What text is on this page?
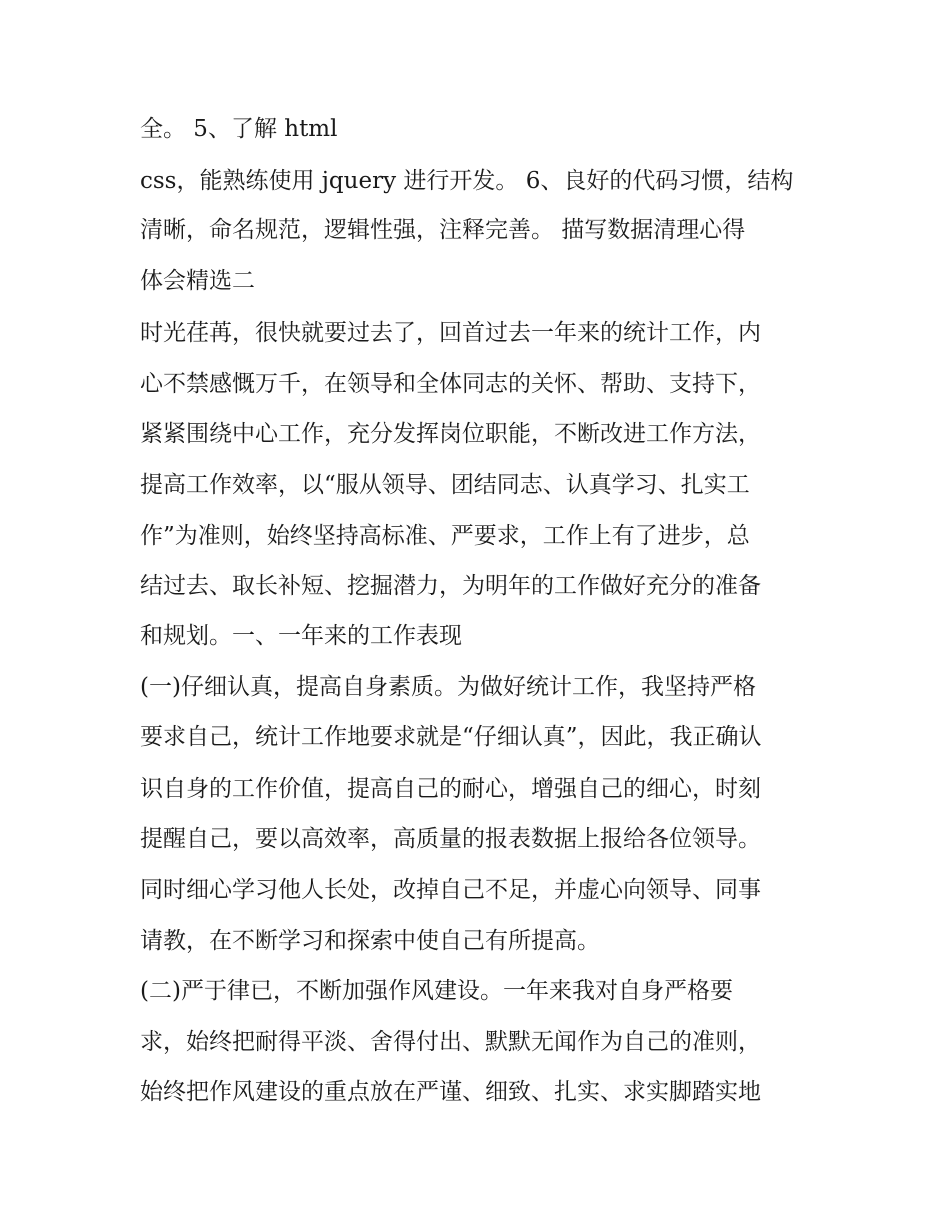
全。 5、了解 html

css，能熟练使用 jquery 进行开发。 6、良好的代码习惯，结构

清晰，命名规范，逻辑性强，注释完善。 描写数据清理心得

体会精选二

时光荏苒，很快就要过去了，回首过去一年来的统计工作，内

心不禁感慨万千，在领导和全体同志的关怀、帮助、支持下，

紧紧围绕中心工作，充分发挥岗位职能，不断改进工作方法，

提高工作效率，以“服从领导、团结同志、认真学习、扎实工

作”为准则，始终坚持高标准、严要求，工作上有了进步，总

结过去、取长补短、挖掘潜力，为明年的工作做好充分的准备

和规划。一、一年来的工作表现

(一)仔细认真，提高自身素质。为做好统计工作，我坚持严格

要求自己，统计工作地要求就是“仔细认真”，因此，我正确认

识自身的工作价值，提高自己的耐心，增强自己的细心，时刻

提醒自己，要以高效率，高质量的报表数据上报给各位领导。

同时细心学习他人长处，改掉自己不足，并虚心向领导、同事

请教，在不断学习和探索中使自己有所提高。

(二)严于律已，不断加强作风建设。一年来我对自身严格要

求，始终把耐得平淡、舍得付出、默默无闻作为自己的准则，

始终把作风建设的重点放在严谨、细致、扎实、求实脚踏实地
